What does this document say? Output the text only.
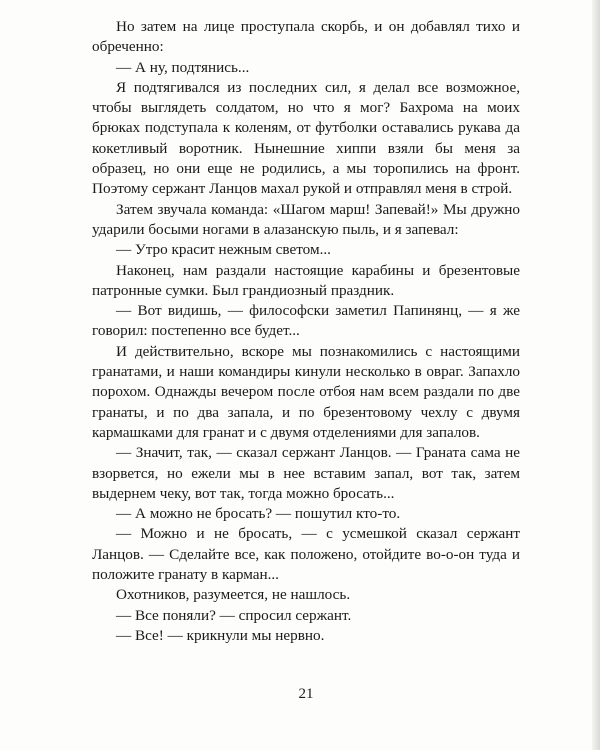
Но затем на лице проступала скорбь, и он добавлял тихо и обреченно:

— А ну, подтянись...

Я подтягивался из последних сил, я делал все возможное, чтобы выглядеть солдатом, но что я мог? Бахрома на моих брюках подступала к коленям, от футболки оставались рукава да кокетливый воротник. Нынешние хиппи взяли бы меня за образец, но они еще не родились, а мы торопились на фронт. Поэтому сержант Ланцов махал рукой и отправлял меня в строй.

Затем звучала команда: «Шагом марш! Запевай!» Мы дружно ударили босыми ногами в алазанскую пыль, и я запевал:

— Утро красит нежным светом...

Наконец, нам раздали настоящие карабины и брезентовые патронные сумки. Был грандиозный праздник.

— Вот видишь, — философски заметил Папинянц, — я же говорил: постепенно все будет...

И действительно, вскоре мы познакомились с настоящими гранатами, и наши командиры кинули несколько в овраг. Запахло порохом. Однажды вечером после отбоя нам всем раздали по две гранаты, и по два запала, и по брезентовому чехлу с двумя кармашками для гранат и с двумя отделениями для запалов.

— Значит, так, — сказал сержант Ланцов. — Граната сама не взорвется, но ежели мы в нее вставим запал, вот так, затем выдернем чеку, вот так, тогда можно бросать...

— А можно не бросать? — пошутил кто-то.

— Можно и не бросать, — с усмешкой сказал сержант Ланцов. — Сделайте все, как положено, отойдите во-о-он туда и положите гранату в карман...

Охотников, разумеется, не нашлось.

— Все поняли? — спросил сержант.

— Все! — крикнули мы нервно.

21
